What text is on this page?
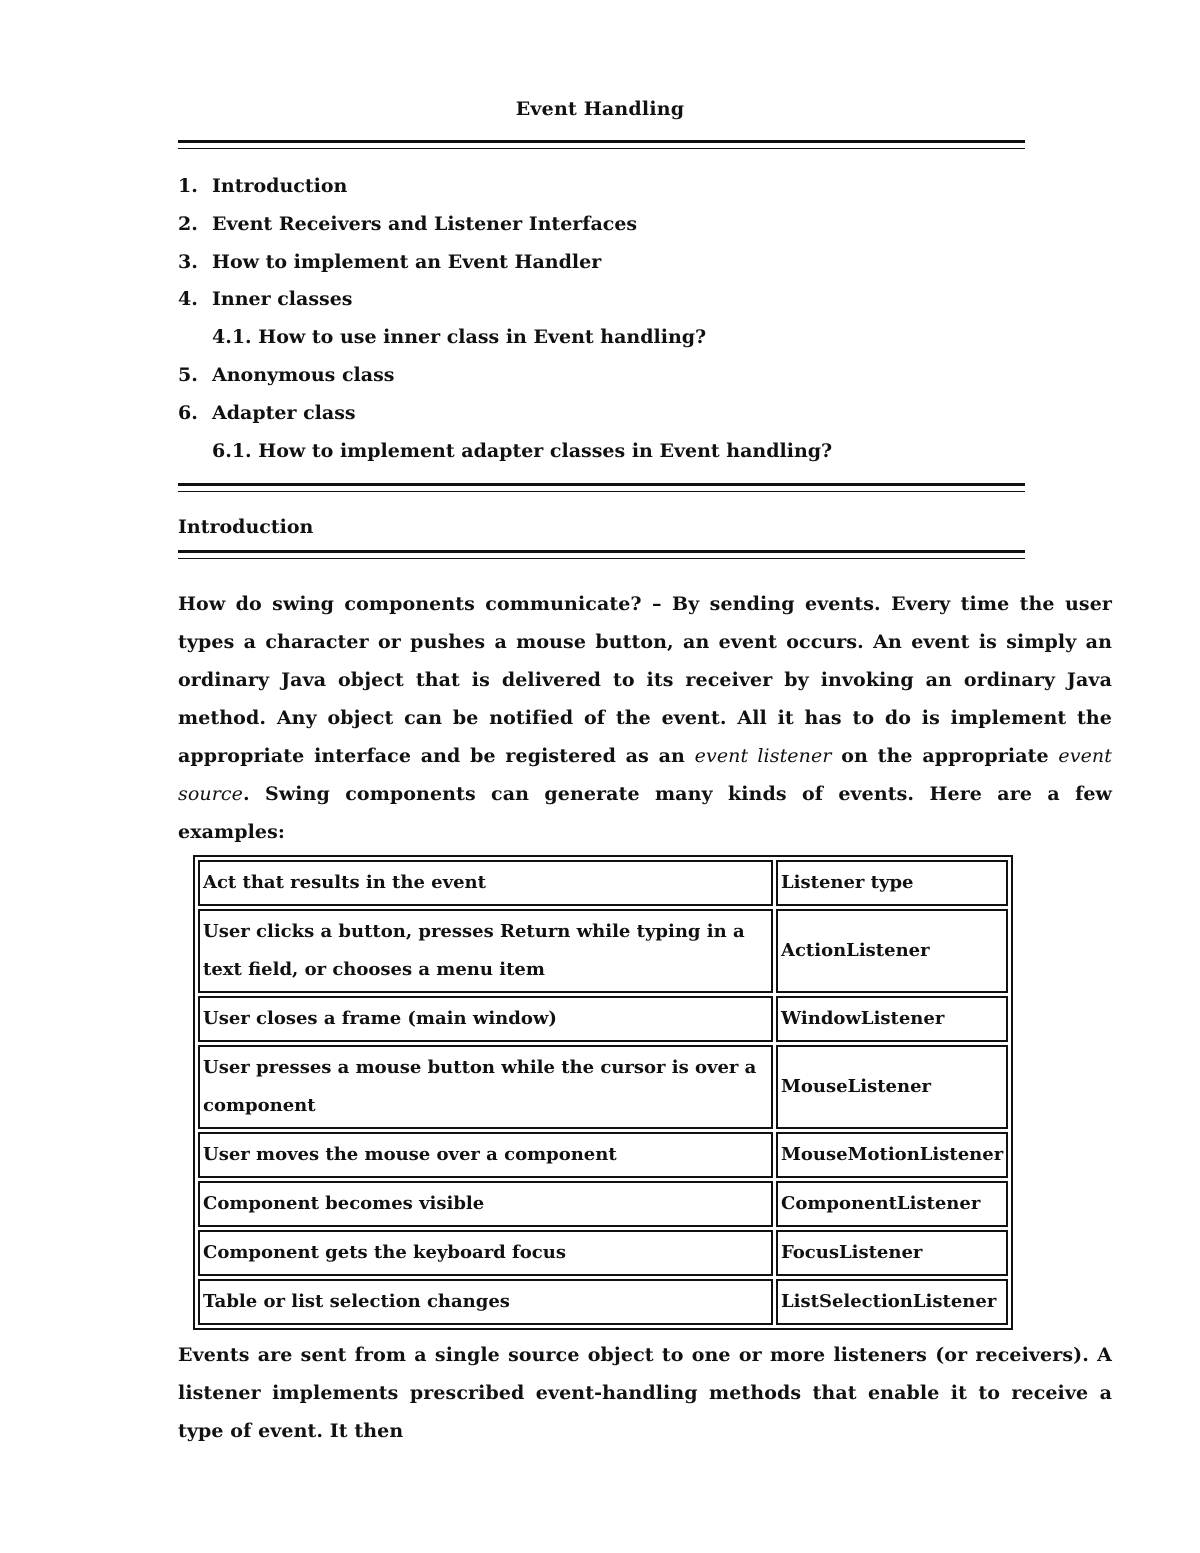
Event Handling
1. Introduction
2. Event Receivers and Listener Interfaces
3. How to implement an Event Handler
4. Inner classes
4.1. How to use inner class in Event handling?
5. Anonymous class
6. Adapter class
6.1. How to implement adapter classes in Event handling?
Introduction
How do swing components communicate? – By sending events. Every time the user types a character or pushes a mouse button, an event occurs. An event is simply an ordinary Java object that is delivered to its receiver by invoking an ordinary Java method. Any object can be notified of the event. All it has to do is implement the appropriate interface and be registered as an event listener on the appropriate event source. Swing components can generate many kinds of events. Here are a few examples:
Act that results in the event	Listener type
User clicks a button, presses Return while typing in a text field, or chooses a menu item	ActionListener
User closes a frame (main window)	WindowListener
User presses a mouse button while the cursor is over a component	MouseListener
User moves the mouse over a component	MouseMotionListener
Component becomes visible	ComponentListener
Component gets the keyboard focus	FocusListener
Table or list selection changes	ListSelectionListener
Events are sent from a single source object to one or more listeners (or receivers). A listener implements prescribed event-handling methods that enable it to receive a type of event. It then
